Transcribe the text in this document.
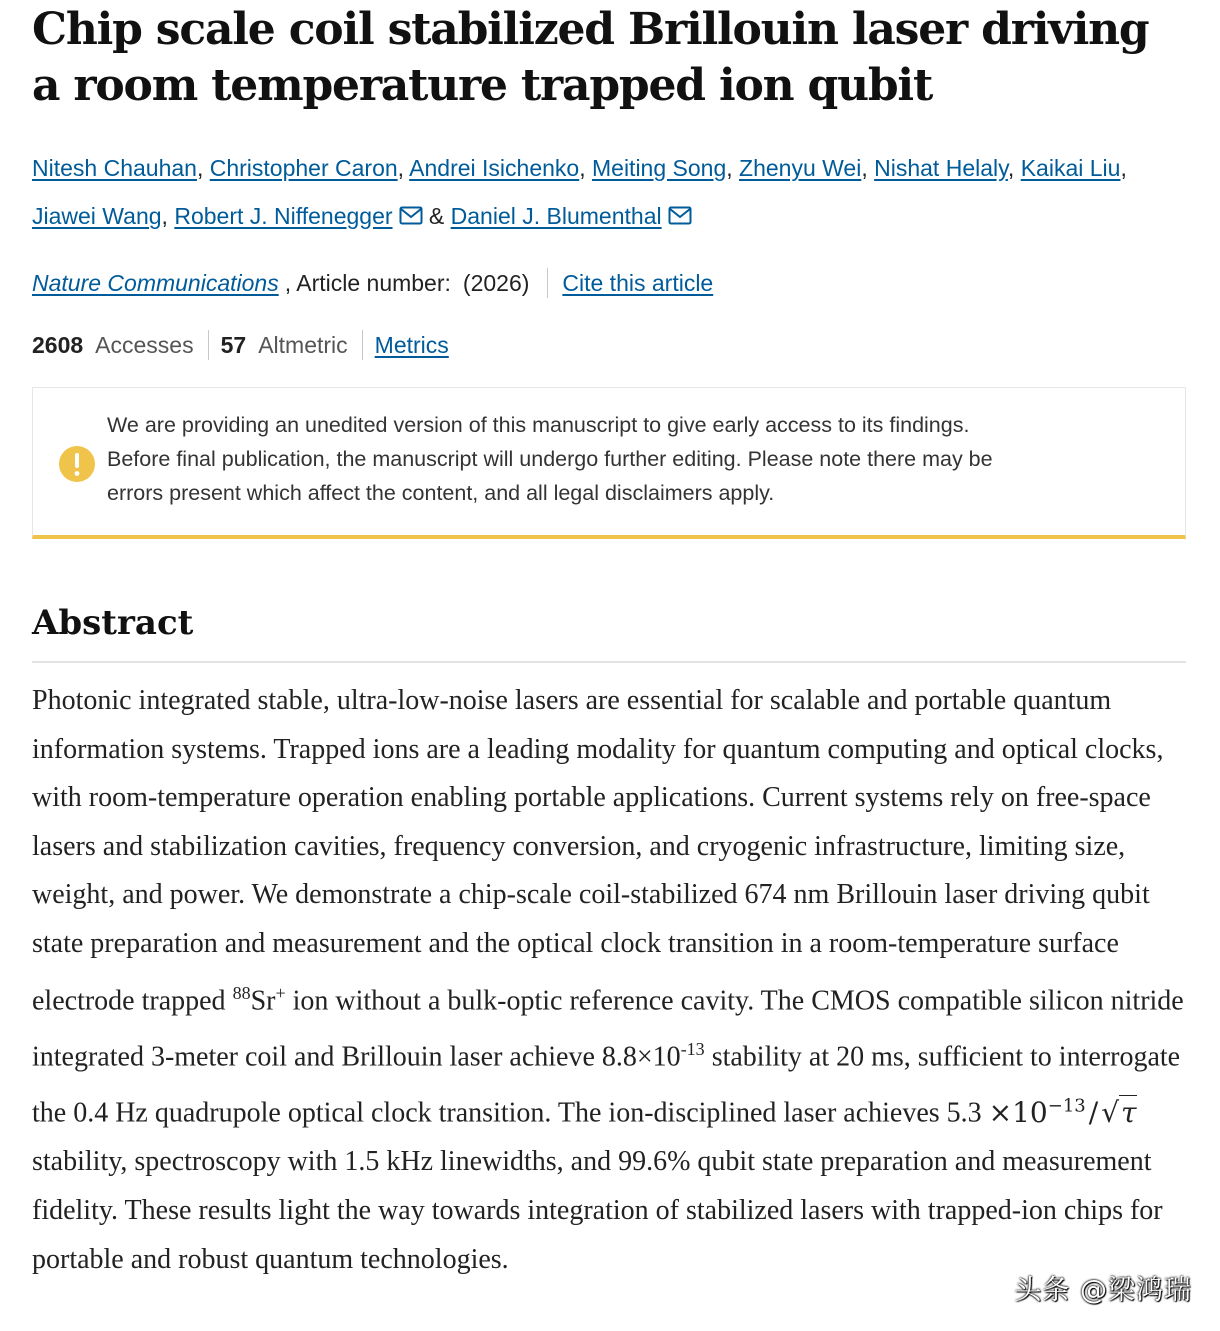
Chip scale coil stabilized Brillouin laser driving a room temperature trapped ion qubit
Nitesh Chauhan, Christopher Caron, Andrei Isichenko, Meiting Song, Zhenyu Wei, Nishat Helaly, Kaikai Liu,
Jiawei Wang, Robert J. Niffenegger & Daniel J. Blumenthal
Nature Communications , Article number: (2026) Cite this article
2608 Accesses 57 Altmetric Metrics
We are providing an unedited version of this manuscript to give early access to its findings.
Before final publication, the manuscript will undergo further editing. Please note there may be
errors present which affect the content, and all legal disclaimers apply.
Abstract

Photonic integrated stable, ultra-low-noise lasers are essential for scalable and portable quantum information systems. Trapped ions are a leading modality for quantum computing and optical clocks, with room-temperature operation enabling portable applications. Current systems rely on free-space lasers and stabilization cavities, frequency conversion, and cryogenic infrastructure, limiting size, weight, and power. We demonstrate a chip-scale coil-stabilized 674 nm Brillouin laser driving qubit state preparation and measurement and the optical clock transition in a room-temperature surface electrode trapped $^{88}$Sr+ ion without a bulk-optic reference cavity. The CMOS compatible silicon nitride integrated 3-meter coil and Brillouin laser achieve $8.8\times 10^{-13}$ stability at 20 ms, sufficient to interrogate the 0.4 Hz quadrupole optical clock transition. The ion-disciplined laser achieves $5.3 \times 10^{-13} / √\tau$ stability, spectroscopy with 1.5 kHz linewidths, and 99.6% qubit state preparation and measurement fidelity. These results light the way towards integration of stabilized lasers with trapped-ion chips for portable and robust quantum technologies.

头条 @梁鸿瑞
